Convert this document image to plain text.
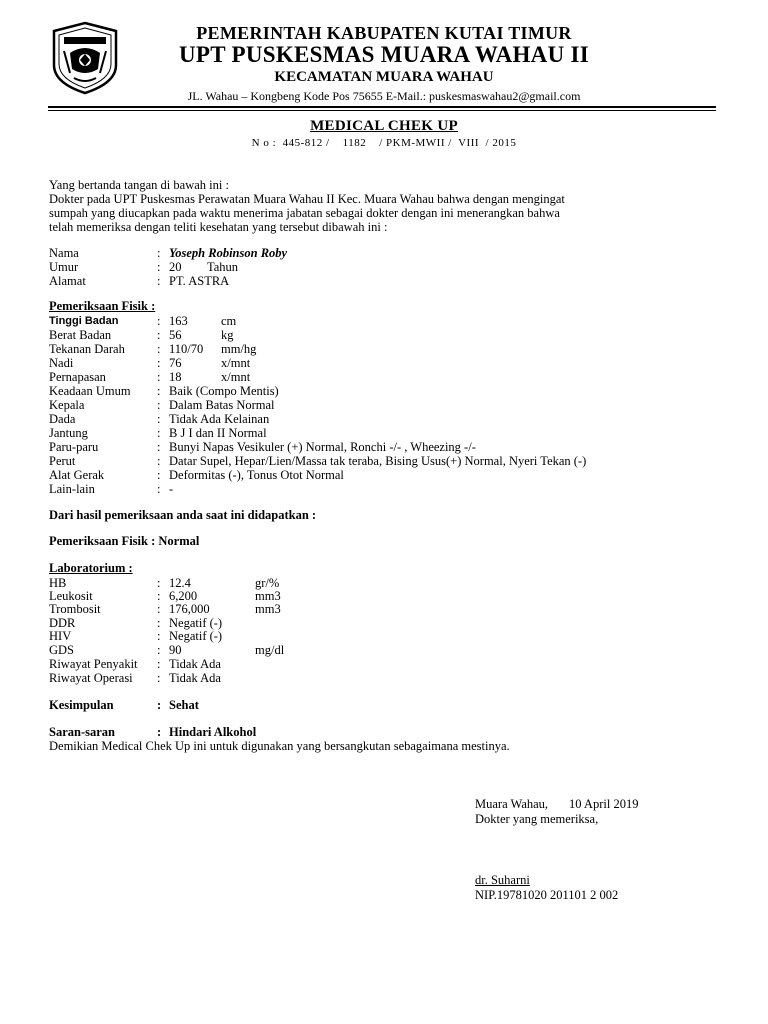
PEMERINTAH KABUPATEN KUTAI TIMUR
UPT PUSKESMAS MUARA WAHAU II
KECAMATAN MUARA WAHAU
JL. Wahau – Kongbeng Kode Pos 75655 E-Mail.: puskesmaswahau2@gmail.com
MEDICAL CHEK UP
N o :  445-812 /    1182    / PKM-MWII /  VIII  / 2015
Yang bertanda tangan di bawah ini :
Dokter pada UPT Puskesmas Perawatan Muara Wahau II Kec. Muara Wahau bahwa dengan mengingat
sumpah yang diucapkan pada waktu menerima jabatan sebagai dokter dengan ini menerangkan bahwa
telah memeriksa dengan teliti kesehatan yang tersebut dibawah ini :
Nama	: Yoseph Robinson Roby
Umur	: 20 Tahun
Alamat	: PT. ASTRA
Pemeriksaan Fisik :
Tinggi Badan	: 163	cm
Berat Badan	: 56	kg
Tekanan Darah	: 110/70 mm/hg
Nadi	: 76	x/mnt
Pernapasan	: 18	x/mnt
Keadaan Umum : Baik (Compo Mentis)
Kepala	: Dalam Batas Normal
Dada	: Tidak Ada Kelainan
Jantung	: B J I dan II Normal
Paru-paru	: Bunyi Napas Vesikuler (+) Normal, Ronchi -/- , Wheezing -/-
Perut	: Datar Supel, Hepar/Lien/Massa tak teraba, Bising Usus(+) Normal, Nyeri Tekan (-)
Alat Gerak	: Deformitas (-), Tonus Otot Normal
Lain-lain	: -
Dari hasil pemeriksaan anda saat ini didapatkan :
Pemeriksaan Fisik : Normal
Laboratorium :
HB	: 12.4	gr/%
Leukosit	: 6,200	mm3
Trombosit	: 176,000	mm3
DDR	: Negatif (-)
HIV	: Negatif (-)
GDS	: 90	mg/dl
Riwayat Penyakit : Tidak Ada
Riwayat Operasi : Tidak Ada
Kesimpulan	: Sehat
Saran-saran	: Hindari Alkohol
Demikian Medical Chek Up ini untuk digunakan yang bersangkutan sebagaimana mestinya.
Muara Wahau, 10 April 2019
Dokter yang memeriksa,
dr. Suharni
NIP.19781020 201101 2 002
